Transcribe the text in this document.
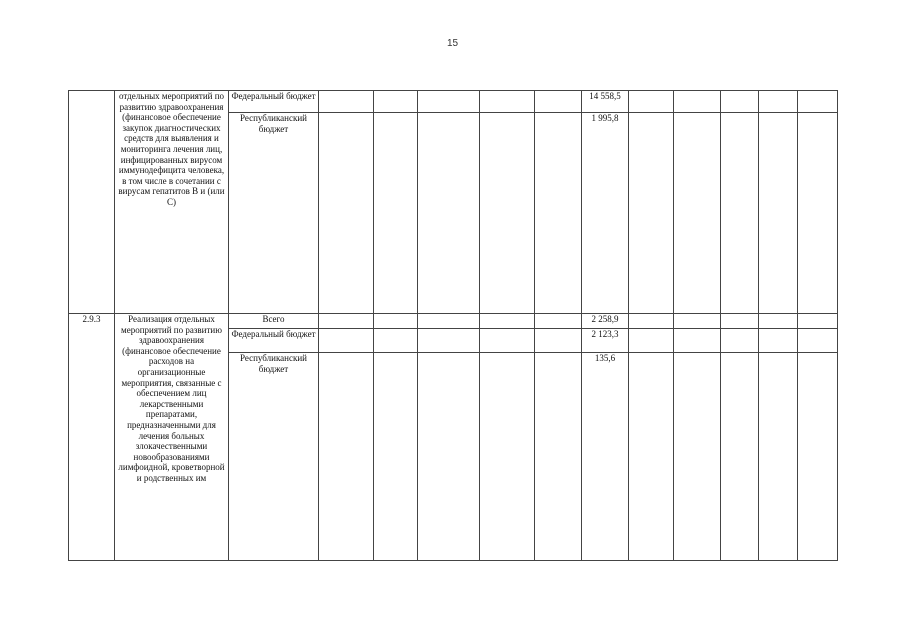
15
	отдельных мероприятий по развитию здравоохранения (финансовое обеспечение закупок диагностических средств для выявления и мониторинга лечения лиц, инфицированных вирусом иммунодефицита человека, в том числе в сочетании с вирусам гепатитов В и (или С)	Федеральный бюджет						14 558,5					
		Республиканский бюджет						1 995,8					
2.9.3	Реализация отдельных мероприятий по развитию здравоохранения (финансовое обеспечение расходов на организационные мероприятия, связанные с обеспечением лиц лекарственными препаратами, предназначенными для лечения больных злокачественными новообразованиями лимфоидной, кроветворной и родственных им	Всего						2 258,9					
		Федеральный бюджет						2 123,3					
		Республиканский бюджет						135,6					
